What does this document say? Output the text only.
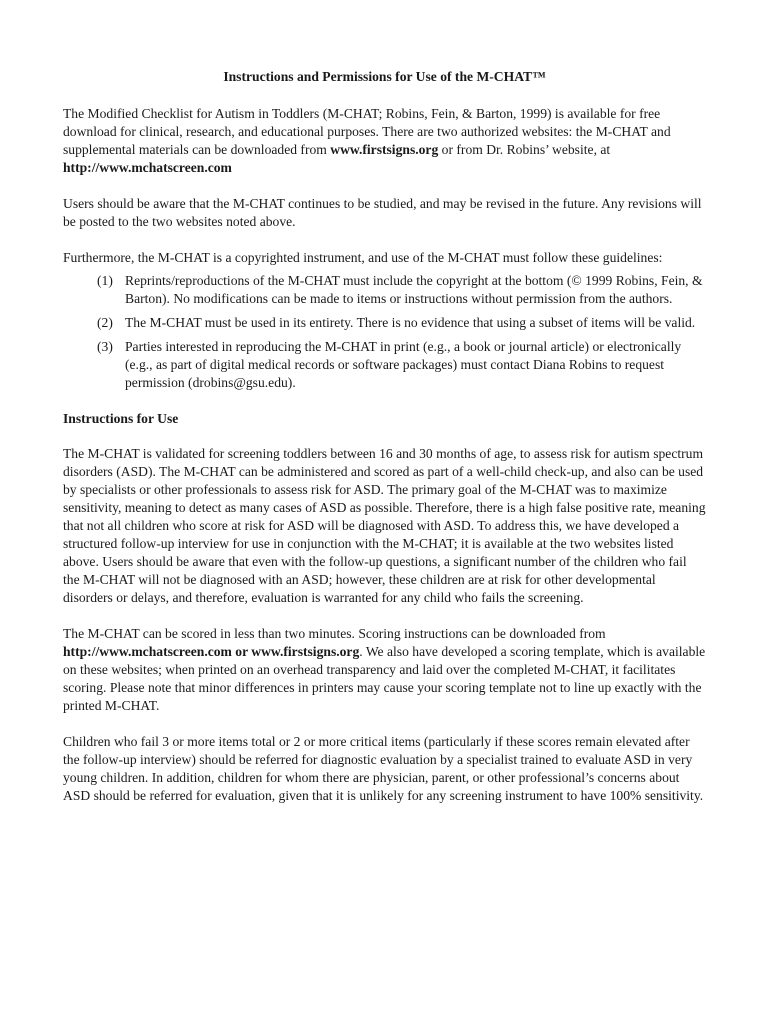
Instructions and Permissions for Use of the M-CHAT™

The Modified Checklist for Autism in Toddlers (M-CHAT; Robins, Fein, & Barton, 1999) is available for free download for clinical, research, and educational purposes. There are two authorized websites: the M-CHAT and supplemental materials can be downloaded from www.firstsigns.org or from Dr. Robins’ website, at http://www.mchatscreen.com

Users should be aware that the M-CHAT continues to be studied, and may be revised in the future. Any revisions will be posted to the two websites noted above.

Furthermore, the M-CHAT is a copyrighted instrument, and use of the M-CHAT must follow these guidelines:

(1) Reprints/reproductions of the M-CHAT must include the copyright at the bottom (© 1999 Robins, Fein, & Barton). No modifications can be made to items or instructions without permission from the authors.
(2) The M-CHAT must be used in its entirety. There is no evidence that using a subset of items will be valid.
(3) Parties interested in reproducing the M-CHAT in print (e.g., a book or journal article) or electronically (e.g., as part of digital medical records or software packages) must contact Diana Robins to request permission (drobins@gsu.edu).
Instructions for Use

The M-CHAT is validated for screening toddlers between 16 and 30 months of age, to assess risk for autism spectrum disorders (ASD). The M-CHAT can be administered and scored as part of a well-child check-up, and also can be used by specialists or other professionals to assess risk for ASD. The primary goal of the M-CHAT was to maximize sensitivity, meaning to detect as many cases of ASD as possible. Therefore, there is a high false positive rate, meaning that not all children who score at risk for ASD will be diagnosed with ASD. To address this, we have developed a structured follow-up interview for use in conjunction with the M-CHAT; it is available at the two websites listed above. Users should be aware that even with the follow-up questions, a significant number of the children who fail the M-CHAT will not be diagnosed with an ASD; however, these children are at risk for other developmental disorders or delays, and therefore, evaluation is warranted for any child who fails the screening.

The M-CHAT can be scored in less than two minutes. Scoring instructions can be downloaded from http://www.mchatscreen.com or www.firstsigns.org. We also have developed a scoring template, which is available on these websites; when printed on an overhead transparency and laid over the completed M-CHAT, it facilitates scoring. Please note that minor differences in printers may cause your scoring template not to line up exactly with the printed M-CHAT.

Children who fail 3 or more items total or 2 or more critical items (particularly if these scores remain elevated after the follow-up interview) should be referred for diagnostic evaluation by a specialist trained to evaluate ASD in very young children. In addition, children for whom there are physician, parent, or other professional’s concerns about ASD should be referred for evaluation, given that it is unlikely for any screening instrument to have 100% sensitivity.
